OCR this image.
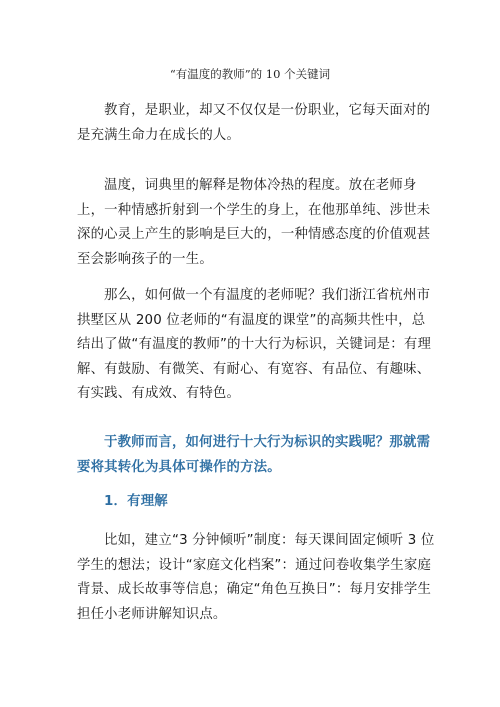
“有温度的教师”的 10 个关键词

教育，是职业，却又不仅仅是一份职业，它每天面对的是充满生命力在成长的人。

温度，词典里的解释是物体冷热的程度。放在老师身上，一种情感折射到一个学生的身上，在他那单纯、涉世未深的心灵上产生的影响是巨大的，一种情感态度的价值观甚至会影响孩子的一生。

那么，如何做一个有温度的老师呢？我们浙江省杭州市拱墅区从 200 位老师的“有温度的课堂”的高频共性中，总结出了做“有温度的教师”的十大行为标识，关键词是：有理解、有鼓励、有微笑、有耐心、有宽容、有品位、有趣味、有实践、有成效、有特色。

于教师而言，如何进行十大行为标识的实践呢？那就需要将其转化为具体可操作的方法。

1．有理解

比如，建立“3 分钟倾听”制度：每天课间固定倾听 3 位学生的想法；设计“家庭文化档案”：通过问卷收集学生家庭背景、成长故事等信息；确定“角色互换日”：每月安排学生担任小老师讲解知识点。
